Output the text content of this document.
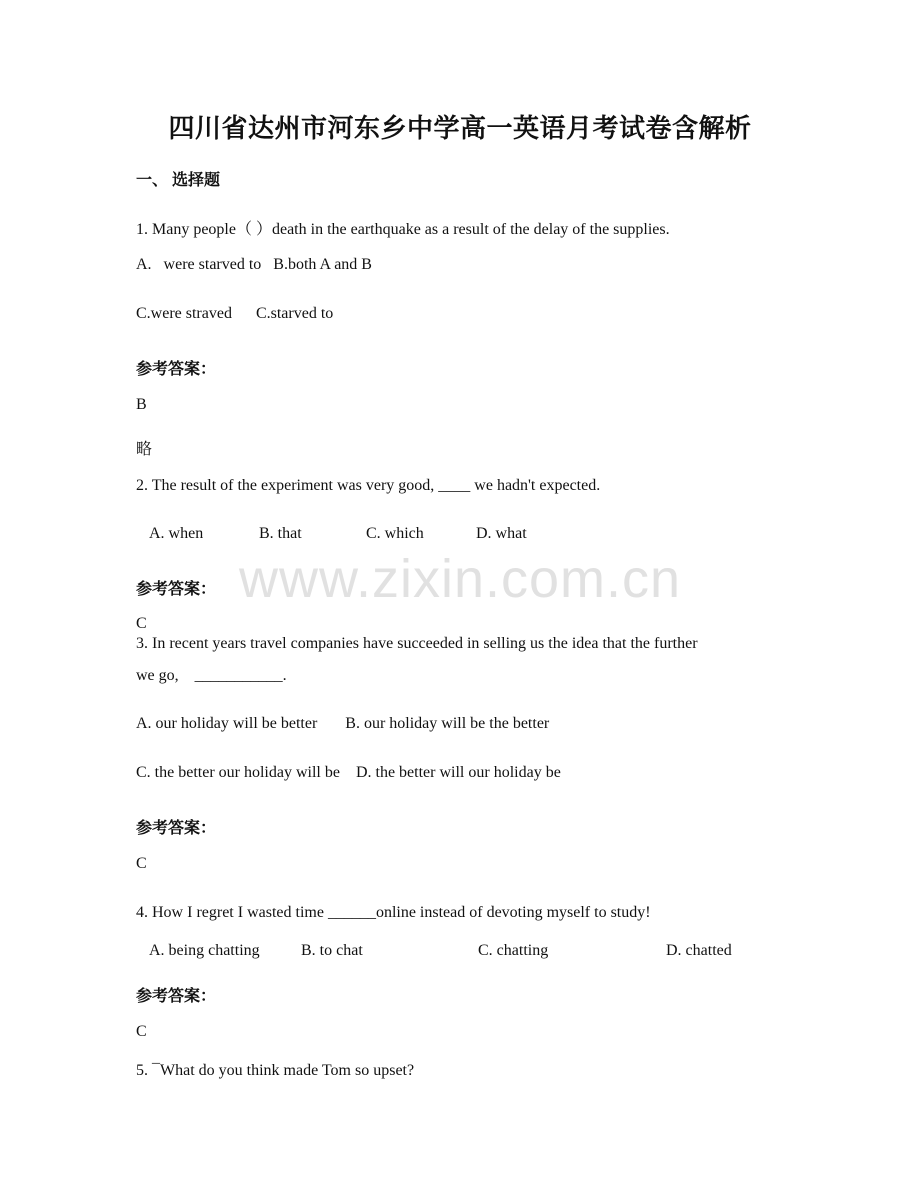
四川省达州市河东乡中学高一英语月考试卷含解析
一、 选择题
1. Many people（ ）death in the earthquake as a result of the delay of the supplies.
A.   were starved to   B.both A and B
C.were straved      C.starved to
参考答案：
B
略
2. The result of the experiment was very good, ____ we hadn't expected.
A. when	B. that	C. which	D. what
参考答案： www.zixin.com.cn
C
3. In recent years travel companies have succeeded in selling us the idea that the further
we go,    ___________.
A. our holiday will be better       B. our holiday will be the better
C. the better our holiday will be    D. the better will our holiday be
参考答案：
C
4. How I regret I wasted time ______online instead of devoting myself to study!
A. being chatting	B. to chat	C. chatting	D. chatted
参考答案：
C
5. ¯What do you think made Tom so upset?
